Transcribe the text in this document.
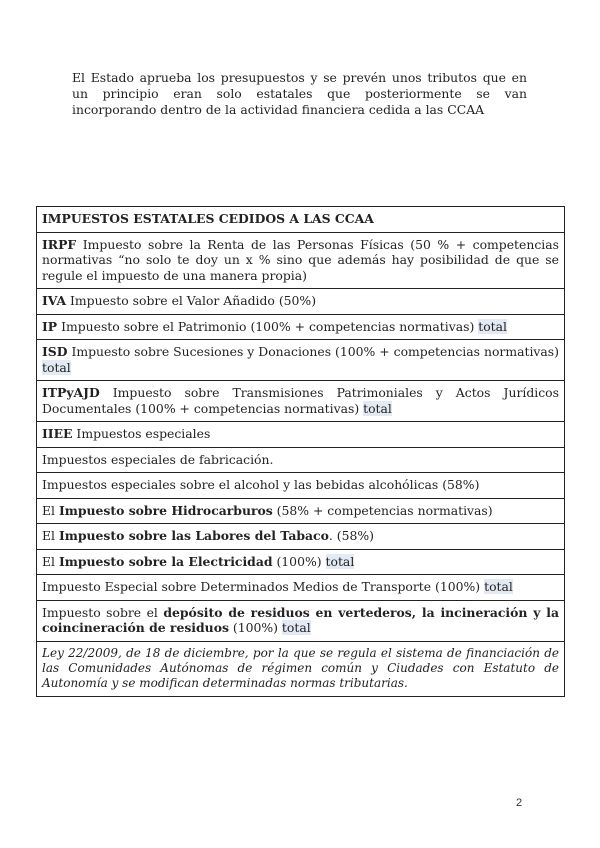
El Estado aprueba los presupuestos y se prevén unos tributos que en un principio eran solo estatales que posteriormente se van incorporando dentro de la actividad financiera cedida a las CCAA

IMPUESTOS ESTATALES CEDIDOS A LAS CCAA
IRPF Impuesto sobre la Renta de las Personas Físicas (50 % + competencias normativas “no solo te doy un x % sino que además hay posibilidad de que se regule el impuesto de una manera propia)
IVA Impuesto sobre el Valor Añadido (50%)
IP Impuesto sobre el Patrimonio (100% + competencias normativas) total
ISD Impuesto sobre Sucesiones y Donaciones (100% + competencias normativas) total
ITPyAJD Impuesto sobre Transmisiones Patrimoniales y Actos Jurídicos Documentales (100% + competencias normativas) total
IIEE Impuestos especiales
Impuestos especiales de fabricación.
Impuestos especiales sobre el alcohol y las bebidas alcohólicas (58%)
El Impuesto sobre Hidrocarburos (58% + competencias normativas)
El Impuesto sobre las Labores del Tabaco. (58%)
El Impuesto sobre la Electricidad (100%) total
Impuesto Especial sobre Determinados Medios de Transporte (100%) total
Impuesto sobre el depósito de residuos en vertederos, la incineración y la coincineración de residuos (100%) total
Ley 22/2009, de 18 de diciembre, por la que se regula el sistema de financiación de las Comunidades Autónomas de régimen común y Ciudades con Estatuto de Autonomía y se modifican determinadas normas tributarias.
2
